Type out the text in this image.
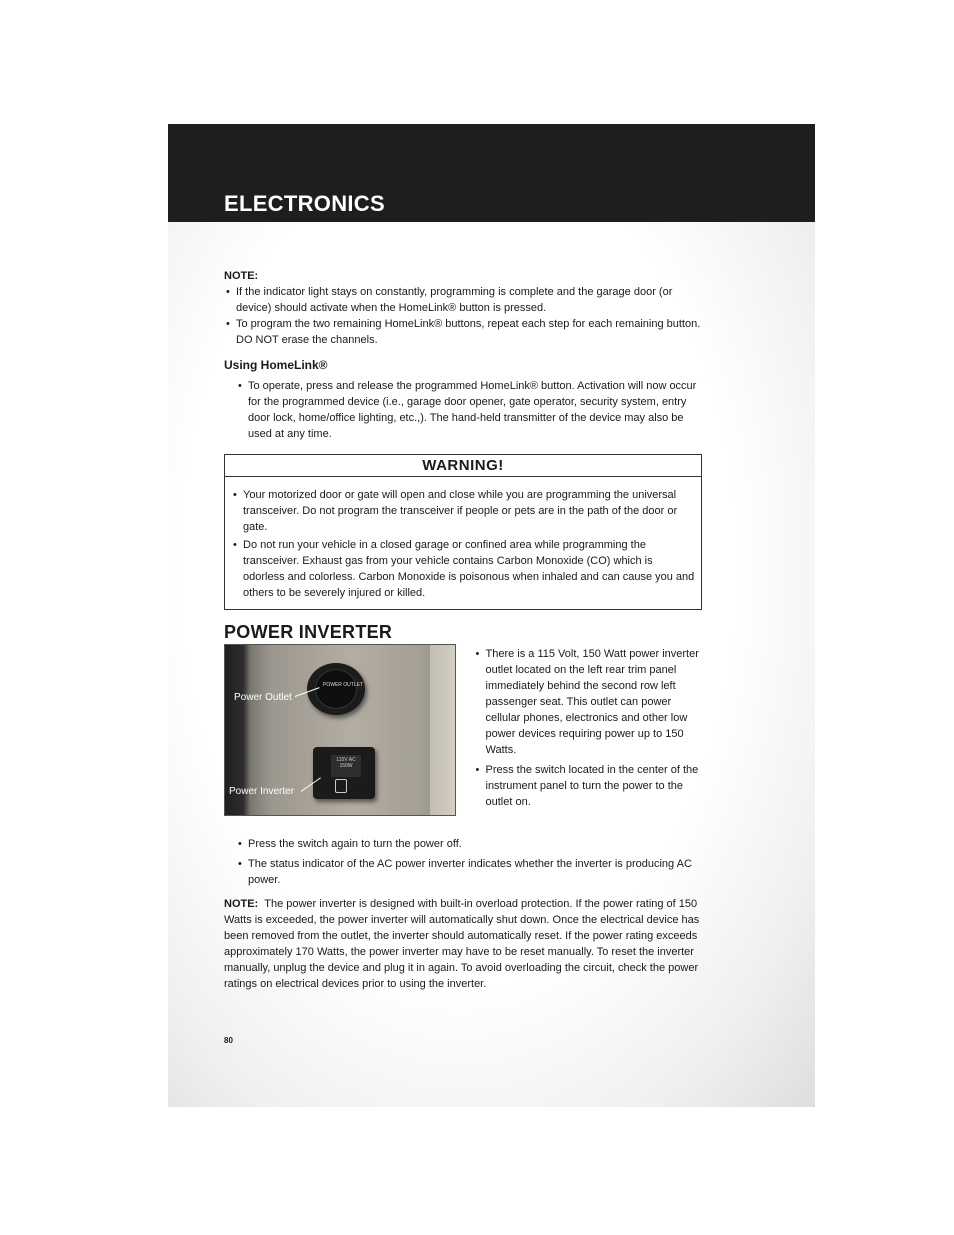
ELECTRONICS

NOTE:

• If the indicator light stays on constantly, programming is complete and the garage door (or device) should activate when the HomeLink® button is pressed.
• To program the two remaining HomeLink® buttons, repeat each step for each remaining button. DO NOT erase the channels.
Using HomeLink®
• To operate, press and release the programmed HomeLink® button. Activation will now occur for the programmed device (i.e., garage door opener, gate operator, security system, entry door lock, home/office lighting, etc.,). The hand-held transmitter of the device may also be used at any time.
WARNING!
• Your motorized door or gate will open and close while you are programming the universal transceiver. Do not program the transceiver if people or pets are in the path of the door or gate.
• Do not run your vehicle in a closed garage or confined area while programming the transceiver. Exhaust gas from your vehicle contains Carbon Monoxide (CO) which is odorless and colorless. Carbon Monoxide is poisonous when inhaled and can cause you and others to be severely injured or killed.
POWER INVERTER
POWER OUTLET
115V AC 150W
Power Outlet
Power Inverter
• There is a 115 Volt, 150 Watt power inverter outlet located on the left rear trim panel immediately behind the second row left passenger seat. This outlet can power cellular phones, electronics and other low power devices requiring power up to 150 Watts.
• Press the switch located in the center of the instrument panel to turn the power to the outlet on.
• Press the switch again to turn the power off.
• The status indicator of the AC power inverter indicates whether the inverter is producing AC power.

NOTE: The power inverter is designed with built-in overload protection. If the power rating of 150 Watts is exceeded, the power inverter will automatically shut down. Once the electrical device has been removed from the outlet, the inverter should automatically reset. If the power rating exceeds approximately 170 Watts, the power inverter may have to be reset manually. To reset the inverter manually, unplug the device and plug it in again. To avoid overloading the circuit, check the power ratings on electrical devices prior to using the inverter.

80
